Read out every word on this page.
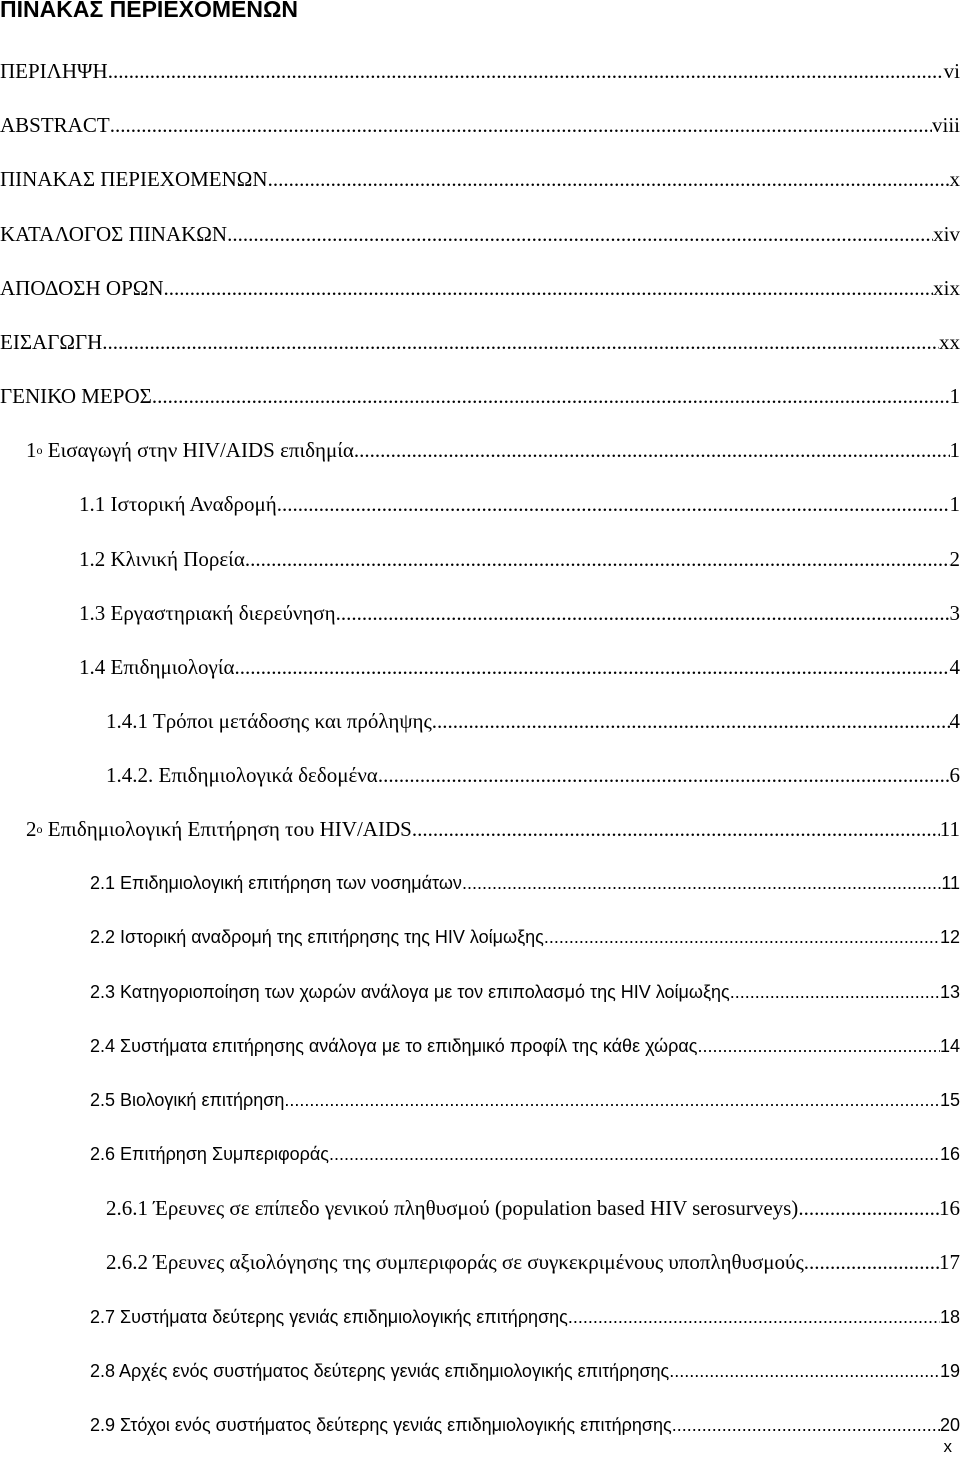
ΠΙΝΑΚΑΣ ΠΕΡΙΕΧΟΜΕΝΩΝ
ΠΕΡΙΛΗΨΗ .....	vi
ABSTRACT .....	viii
ΠΙΝΑΚΑΣ ΠΕΡΙΕΧΟΜΕΝΩΝ .....	x
ΚΑΤΑΛΟΓΟΣ ΠΙΝΑΚΩΝ .....	xiv
ΑΠΟΔΟΣΗ ΟΡΩΝ .....	xix
ΕΙΣΑΓΩΓΗ .....	xx
ΓΕΝΙΚΟ ΜΕΡΟΣ .....	1
$1^o$ Εισαγωγή στην HIV/AIDS επιδημία .....	1
1.1 Ιστορική Αναδρομή .....	1
1.2 Κλινική Πορεία .....	2
1.3 Εργαστηριακή διερεύνηση .....	3
1.4 Επιδημιολογία .....	4
1.4.1 Τρόποι μετάδοσης και πρόληψης .....	4
1.4.2. Επιδημιολογικά δεδομένα .....	6
$2^o$ Επιδημιολογική Επιτήρηση του HIV/AIDS .....	11
2.1 Επιδημιολογική επιτήρηση των νοσημάτων .....	11
2.2 Ιστορική αναδρομή της επιτήρησης της HIV λοίμωξης .....	12
2.3 Κατηγοριοποίηση των χωρών ανάλογα με τον επιπολασμό της HIV λοίμωξης .....	13
2.4 Συστήματα επιτήρησης ανάλογα με το επιδημικό προφίλ της κάθε χώρας .....	14
2.5 Βιολογική επιτήρηση .....	15
2.6 Επιτήρηση Συμπεριφοράς .....	16
2.6.1 Έρευνες σε επίπεδο γενικού πληθυσμού (population based HIV serosurveys) .....	16
2.6.2 Έρευνες αξιολόγησης της συμπεριφοράς σε συγκεκριμένους υποπληθυσμούς .....	17
2.7 Συστήματα δεύτερης γενιάς επιδημιολογικής επιτήρησης .....	18
2.8 Αρχές ενός συστήματος δεύτερης γενιάς επιδημιολογικής επιτήρησης .....	19
2.9 Στόχοι ενός συστήματος δεύτερης γενιάς επιδημιολογικής επιτήρησης .....	20
x
